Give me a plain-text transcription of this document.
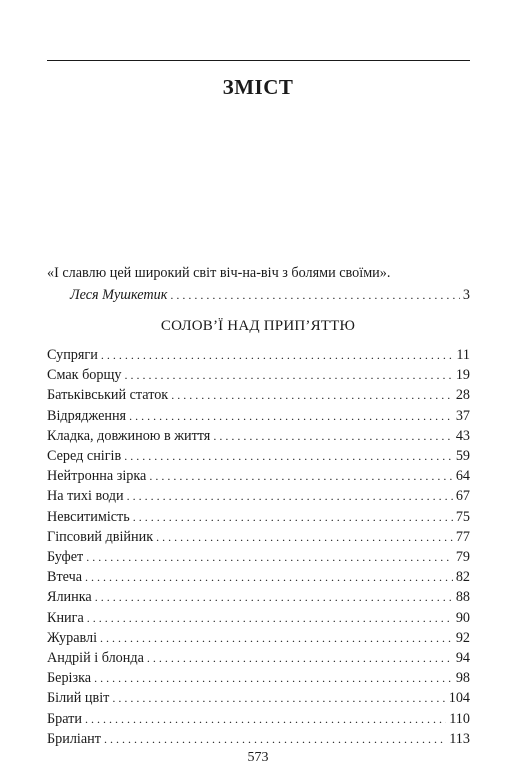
ЗМІСТ
«І славлю цей широкий світ віч-на-віч з болями своїми».
Леся Мушкетик . . .	3
СОЛОВ’Ї НАД ПРИП’ЯТТЮ
Супряги . . .	11
Смак борщу . . .	19
Батьківський статок . . .	28
Відрядження . . .	37
Кладка, довжиною в життя . . .	43
Серед снігів . . .	59
Нейтронна зірка . . .	64
На тихі води . . .	67
Невситимість . . .	75
Гіпсовий двійник . . .	77
Буфет . . .	79
Втеча . . .	82
Ялинка . . .	88
Книга . . .	90
Журавлі . . .	92
Андрій і блонда . . .	94
Берізка . . .	98
Білий цвіт . . .	104
Брати . . .	110
Брилiант . . .	113
573
